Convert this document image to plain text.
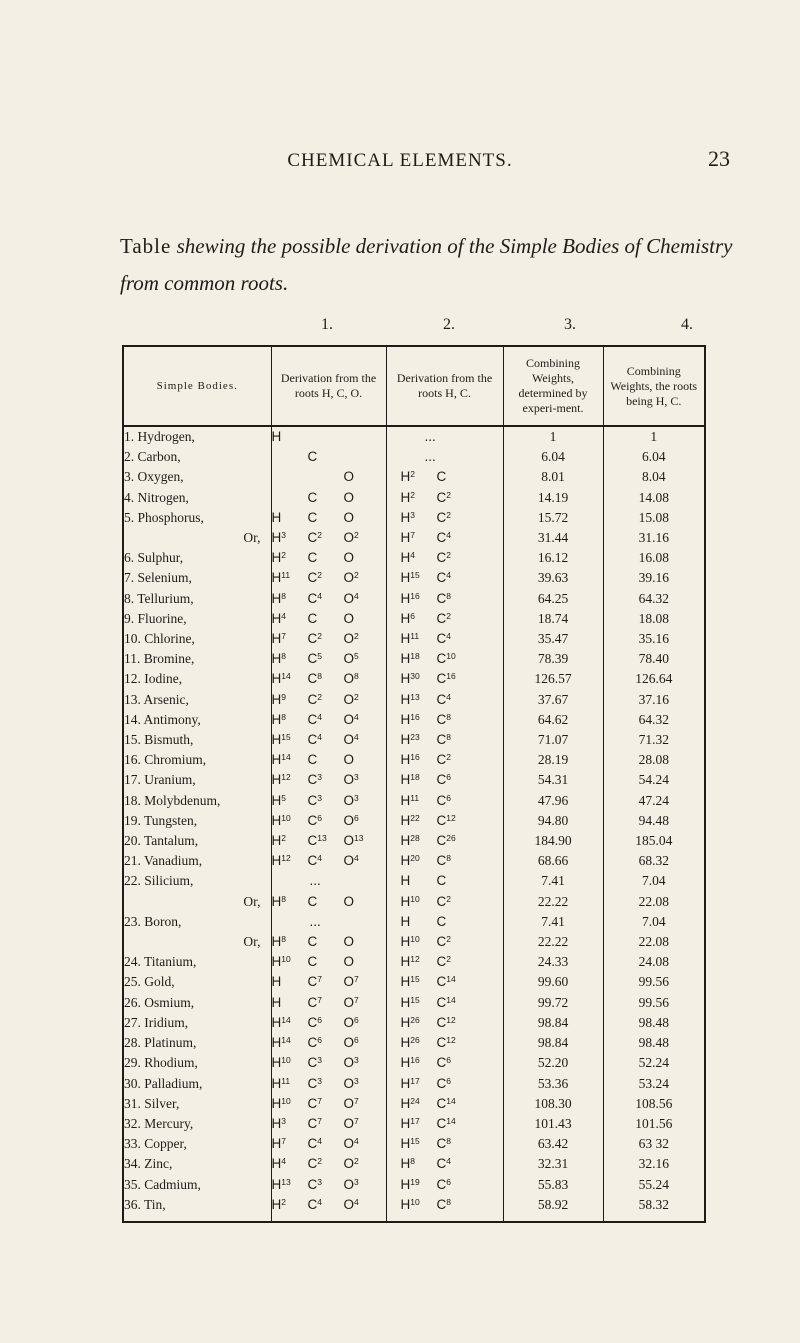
CHEMICAL ELEMENTS.	23
Table shewing the possible derivation of the Simple Bodies of Chemistry from common roots.
1.	2.	3.	4.
Simple Bodies.	Derivation from the roots H, C, O.	Derivation from the roots H, C.	Combining Weights, determined by experi-ment.	Combining Weights, the roots being H, C.
1. Hydrogen,	H	...	1	1
2. Carbon,	C	...	6.04	6.04
3. Oxygen,	O	$H^2$ C	8.01	8.04
4. Nitrogen,	C O	$H^2$ $C^2$	14.19	14.08
5. Phosphorus,	H C O	$H^3$ $C^2$	15.72	15.08
Or,	$H^3$ $C^2$ $O^2$	$H^7$ $C^4$	31.44	31.16
6. Sulphur,	$H^2$ C O	$H^4$ $C^2$	16.12	16.08
7. Selenium,	$H^{11}$ $C^2$ $O^2$	$H^{15}$ $C^4$	39.63	39.16
8. Tellurium,	$H^8$ $C^4$ $O^4$	$H^{16}$ $C^8$	64.25	64.32
9. Fluorine,	$H^4$ C O	$H^6$ $C^2$	18.74	18.08
10. Chlorine,	$H^7$ $C^2$ $O^2$	$H^{11}$ $C^4$	35.47	35.16
11. Bromine,	$H^8$ $C^5$ $O^5$	$H^{18}$ $C^{10}$	78.39	78.40
12. Iodine,	$H^{14}$ $C^8$ $O^8$	$H^{30}$ $C^{16}$	126.57	126.64
13. Arsenic,	$H^9$ $C^2$ $O^2$	$H^{13}$ $C^4$	37.67	37.16
14. Antimony,	$H^8$ $C^4$ $O^4$	$H^{16}$ $C^8$	64.62	64.32
15. Bismuth,	$H^{15}$ $C^4$ $O^4$	$H^{23}$ $C^8$	71.07	71.32
16. Chromium,	$H^{14}$ C O	$H^{16}$ $C^2$	28.19	28.08
17. Uranium,	$H^{12}$ $C^3$ $O^3$	$H^{18}$ $C^6$	54.31	54.24
18. Molybdenum,	$H^5$ $C^3$ $O^3$	$H^{11}$ $C^6$	47.96	47.24
19. Tungsten,	$H^{10}$ $C^6$ $O^6$	$H^{22}$ $C^{12}$	94.80	94.48
20. Tantalum,	$H^2$ $C^{13}$ $O^{13}$	$H^{28}$ $C^{26}$	184.90	185.04
21. Vanadium,	$H^{12}$ $C^4$ $O^4$	$H^{20}$ $C^8$	68.66	68.32
22. Silicium,	...	H C	7.41	7.04
Or,	$H^8$ C O	$H^{10}$ $C^2$	22.22	22.08
23. Boron,	...	H C	7.41	7.04
Or,	$H^8$ C O	$H^{10}$ $C^2$	22.22	22.08
24. Titanium,	$H^{10}$ C O	$H^{12}$ $C^2$	24.33	24.08
25. Gold,	H $C^7$ $O^7$	$H^{15}$ $C^{14}$	99.60	99.56
26. Osmium,	H $C^7$ $O^7$	$H^{15}$ $C^{14}$	99.72	99.56
27. Iridium,	$H^{14}$ $C^6$ $O^6$	$H^{26}$ $C^{12}$	98.84	98.48
28. Platinum,	$H^{14}$ $C^6$ $O^6$	$H^{26}$ $C^{12}$	98.84	98.48
29. Rhodium,	$H^{10}$ $C^3$ $O^3$	$H^{16}$ $C^6$	52.20	52.24
30. Palladium,	$H^{11}$ $C^3$ $O^3$	$H^{17}$ $C^6$	53.36	53.24
31. Silver,	$H^{10}$ $C^7$ $O^7$	$H^{24}$ $C^{14}$	108.30	108.56
32. Mercury,	$H^3$ $C^7$ $O^7$	$H^{17}$ $C^{14}$	101.43	101.56
33. Copper,	$H^7$ $C^4$ $O^4$	$H^{15}$ $C^8$	63.42	63 32
34. Zinc,	$H^4$ $C^2$ $O^2$	$H^8$ $C^4$	32.31	32.16
35. Cadmium,	$H^{13}$ $C^3$ $O^3$	$H^{19}$ $C^6$	55.83	55.24
36. Tin,	$H^2$ $C^4$ $O^4$	$H^{10}$ $C^8$	58.92	58.32
